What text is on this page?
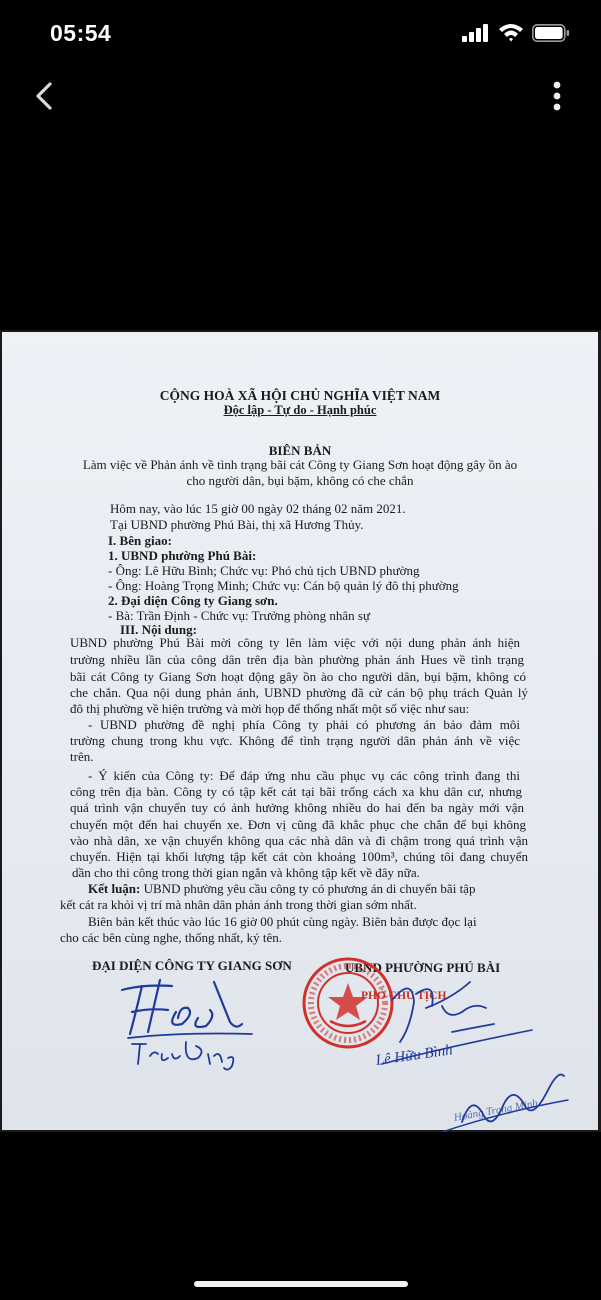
05:54
CỘNG HOÀ XÃ HỘI CHỦ NGHĨA VIỆT NAM
Độc lập - Tự do - Hạnh phúc
BIÊN BẢN
Làm việc về Phản ánh về tình trạng bãi cát Công ty Giang Sơn hoạt động gây ồn ào
cho người dân, bụi bặm, không có che chắn
Hôm nay, vào lúc 15 giờ 00 ngày 02 tháng 02 năm 2021.
Tại UBND phường Phú Bài, thị xã Hương Thủy.
I. Bên giao:
1. UBND phường Phú Bài:
- Ông: Lê Hữu Bình; Chức vụ: Phó chủ tịch UBND phường
- Ông: Hoàng Trọng Minh; Chức vụ: Cán bộ quản lý đô thị phường
2. Đại diện Công ty Giang sơn.
- Bà: Trần Định - Chức vụ: Trưởng phòng nhân sự
III. Nội dung:
UBND phường Phú Bài mời công ty lên làm việc với nội dung phản ánh hiện
trường nhiều lần của công dân trên địa bàn phường phản ánh Hues về tình trạng
bãi cát Công ty Giang Sơn hoạt động gây ồn ào cho người dân, bụi bặm, không có
che chắn. Qua nội dung phản ánh, UBND phường đã cử cán bộ phụ trách Quản lý
đô thị phường về hiện trường và mời họp để thống nhất một số việc như sau:
- UBND phường đề nghị phía Công ty phải có phương án bảo đảm môi
trường chung trong khu vực. Không để tình trạng người dân phản ánh về việc
trên.
- Ý kiến của Công ty: Để đáp ứng nhu cầu phục vụ các công trình đang thi
công trên địa bàn. Công ty có tập kết cát tại bãi trống cách xa khu dân cư, nhưng
quá trình vận chuyển tuy có ảnh hưởng không nhiều do hai đến ba ngày mới vận
chuyển một đến hai chuyến xe. Đơn vị cũng đã khắc phục che chắn để bụi không
vào nhà dân, xe vận chuyển không qua các nhà dân và đi chậm trong quá trình vận
chuyển. Hiện tại khối lượng tập kết cát còn khoảng 100m³, chúng tôi đang chuyển
dần cho thi công trong thời gian ngắn và không tập kết về đây nữa.
Kết luận: UBND phường yêu cầu công ty có phương án di chuyển bãi tập
kết cát ra khỏi vị trí mà nhân dân phản ánh trong thời gian sớm nhất.
Biên bản kết thúc vào lúc 16 giờ 00 phút cùng ngày. Biên bản được đọc lại
cho các bên cùng nghe, thống nhất, ký tên.
ĐẠI DIỆN CÔNG TY GIANG SƠN	UBND PHƯỜNG PHÚ BÀI
PHÓ CHỦ TỊCH
Lê Hữu Bình
Hoàng Trọng Minh
